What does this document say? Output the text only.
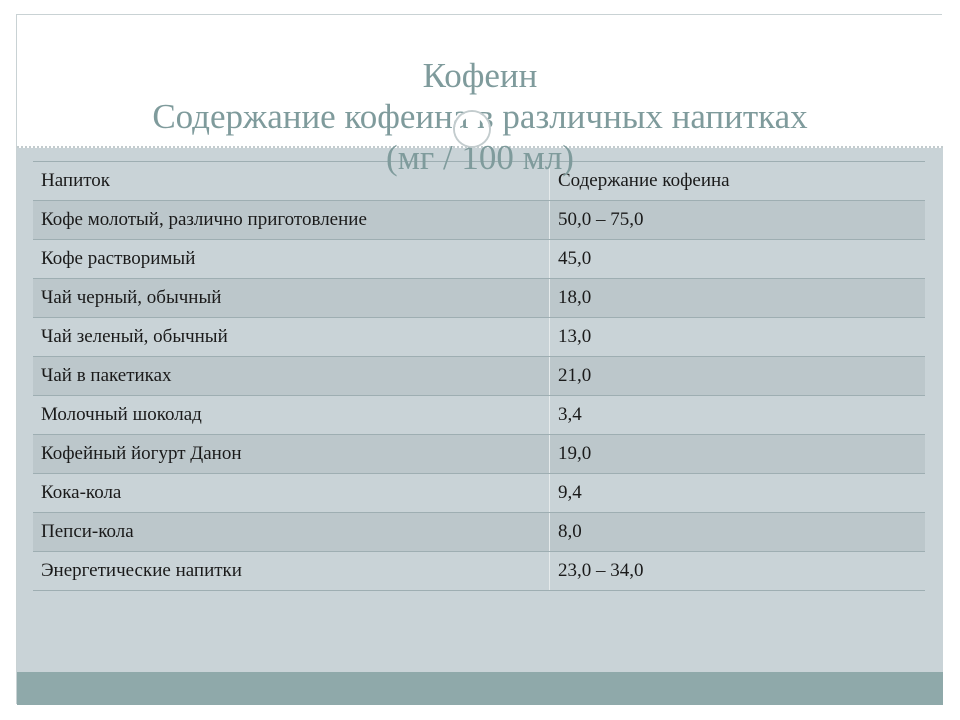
Кофеин
Содержание кофеина в различных напитках
(мг / 100 мл)
Напиток	Содержание кофеина
Кофе молотый, различно приготовление	50,0 – 75,0
Кофе растворимый	45,0
Чай черный, обычный	18,0
Чай зеленый, обычный	13,0
Чай в пакетиках	21,0
Молочный шоколад	3,4
Кофейный йогурт Данон	19,0
Кока-кола	9,4
Пепси-кола	8,0
Энергетические напитки	23,0 – 34,0
